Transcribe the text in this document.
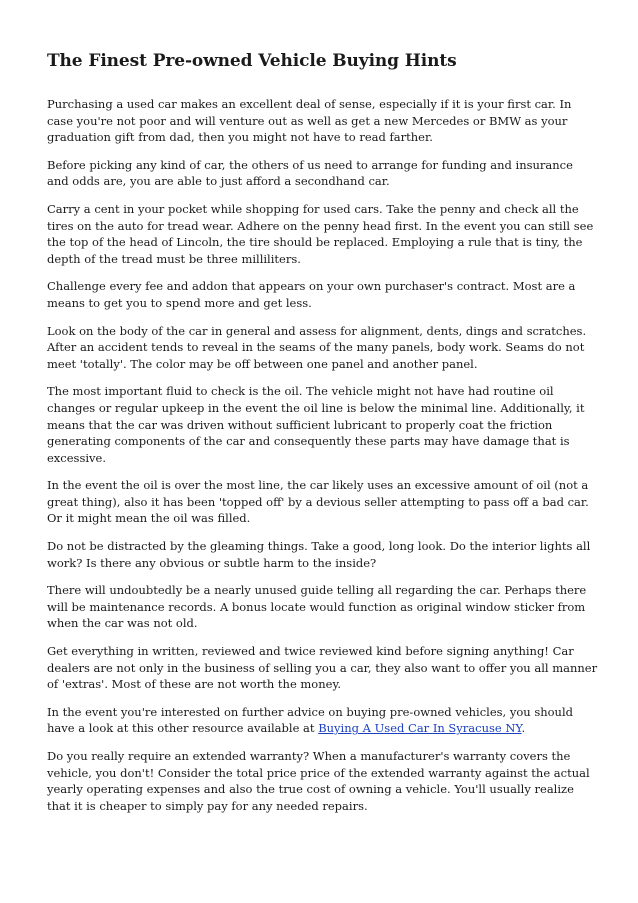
The Finest Pre-owned Vehicle Buying Hints

Purchasing a used car makes an excellent deal of sense, especially if it is your first car. In case you're not poor and will venture out as well as get a new Mercedes or BMW as your graduation gift from dad, then you might not have to read farther.

Before picking any kind of car, the others of us need to arrange for funding and insurance and odds are, you are able to just afford a secondhand car.

Carry a cent in your pocket while shopping for used cars. Take the penny and check all the tires on the auto for tread wear. Adhere on the penny head first. In the event you can still see the top of the head of Lincoln, the tire should be replaced. Employing a rule that is tiny, the depth of the tread must be three milliliters.

Challenge every fee and addon that appears on your own purchaser's contract. Most are a means to get you to spend more and get less.

Look on the body of the car in general and assess for alignment, dents, dings and scratches. After an accident tends to reveal in the seams of the many panels, body work. Seams do not meet 'totally'. The color may be off between one panel and another panel.

The most important fluid to check is the oil. The vehicle might not have had routine oil changes or regular upkeep in the event the oil line is below the minimal line. Additionally, it means that the car was driven without sufficient lubricant to properly coat the friction generating components of the car and consequently these parts may have damage that is excessive.

In the event the oil is over the most line, the car likely uses an excessive amount of oil (not a great thing), also it has been 'topped off' by a devious seller attempting to pass off a bad car. Or it might mean the oil was filled.

Do not be distracted by the gleaming things. Take a good, long look. Do the interior lights all work? Is there any obvious or subtle harm to the inside?

There will undoubtedly be a nearly unused guide telling all regarding the car. Perhaps there will be maintenance records. A bonus locate would function as original window sticker from when the car was not old.

Get everything in written, reviewed and twice reviewed kind before signing anything! Car dealers are not only in the business of selling you a car, they also want to offer you all manner of 'extras'. Most of these are not worth the money.

In the event you're interested on further advice on buying pre-owned vehicles, you should have a look at this other resource available at Buying A Used Car In Syracuse NY.

Do you really require an extended warranty? When a manufacturer's warranty covers the vehicle, you don't! Consider the total price price of the extended warranty against the actual yearly operating expenses and also the true cost of owning a vehicle. You'll usually realize that it is cheaper to simply pay for any needed repairs.
